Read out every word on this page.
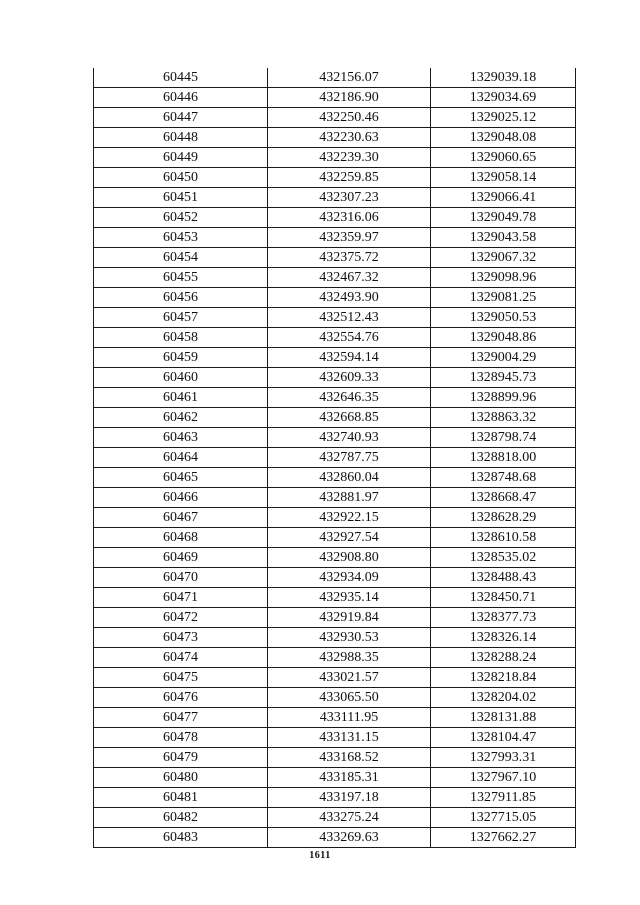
60445	432156.07	1329039.18
60446	432186.90	1329034.69
60447	432250.46	1329025.12
60448	432230.63	1329048.08
60449	432239.30	1329060.65
60450	432259.85	1329058.14
60451	432307.23	1329066.41
60452	432316.06	1329049.78
60453	432359.97	1329043.58
60454	432375.72	1329067.32
60455	432467.32	1329098.96
60456	432493.90	1329081.25
60457	432512.43	1329050.53
60458	432554.76	1329048.86
60459	432594.14	1329004.29
60460	432609.33	1328945.73
60461	432646.35	1328899.96
60462	432668.85	1328863.32
60463	432740.93	1328798.74
60464	432787.75	1328818.00
60465	432860.04	1328748.68
60466	432881.97	1328668.47
60467	432922.15	1328628.29
60468	432927.54	1328610.58
60469	432908.80	1328535.02
60470	432934.09	1328488.43
60471	432935.14	1328450.71
60472	432919.84	1328377.73
60473	432930.53	1328326.14
60474	432988.35	1328288.24
60475	433021.57	1328218.84
60476	433065.50	1328204.02
60477	433111.95	1328131.88
60478	433131.15	1328104.47
60479	433168.52	1327993.31
60480	433185.31	1327967.10
60481	433197.18	1327911.85
60482	433275.24	1327715.05
60483	433269.63	1327662.27
1611
